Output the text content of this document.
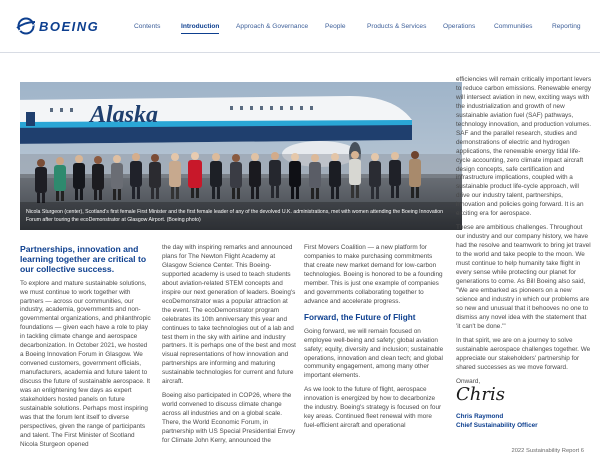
BOEING	Contents	Introduction	Approach & Governance	People	Products & Services	Operations	Communities	Reporting
Alaska
Nicola Sturgeon (center), Scotland's first female First Minister and the first female leader of any of the devolved U.K. administrations, met with women attending the Boeing Innovation Forum after touring the ecoDemonstrator at Glasgow Airport. (Boeing photo)
Partnerships, innovation and learning together are critical to our collective success.

To explore and mature sustainable solutions, we must continue to work together with partners — across our communities, our industry, academia, governments and non-governmental organizations, and philanthropic foundations — given each have a role to play in tackling climate change and aerospace decarbonization. In October 2021, we hosted a Boeing Innovation Forum in Glasgow. We convened customers, government officials, manufacturers, academia and future talent to discuss the future of sustainable aerospace. It was an enlightening few days as expert stakeholders hosted panels on future sustainable solutions. Perhaps most inspiring was that the forum lent itself to diverse perspectives, given the range of participants and talent. The First Minister of Scotland Nicola Sturgeon opened

the day with inspiring remarks and announced plans for The Newton Flight Academy at Glasgow Science Center. This Boeing-supported academy is used to teach students about aviation-related STEM concepts and inspire our next generation of leaders. Boeing's ecoDemonstrator was a popular attraction at the event. The ecoDemonstrator program celebrates its 10th anniversary this year and continues to take technologies out of a lab and test them in the sky with airline and industry partners. It is perhaps one of the best and most visual representations of how innovation and partnerships are informing and maturing sustainable technologies for current and future aircraft.

Boeing also participated in COP26, where the world convened to discuss climate change across all industries and on a global scale. There, the World Economic Forum, in partnership with US Special Presidential Envoy for Climate John Kerry, announced the

First Movers Coalition — a new platform for companies to make purchasing commitments that create new market demand for low-carbon technologies. Boeing is honored to be a founding member. This is just one example of companies and governments collaborating together to advance and accelerate progress.

Forward, the Future of Flight

Going forward, we will remain focused on employee well-being and safety; global aviation safety; equity, diversity and inclusion; sustainable operations, innovation and clean tech; and global community engagement, among many other important elements.

As we look to the future of flight, aerospace innovation is energized by how to decarbonize the industry. Boeing's strategy is focused on four key areas. Continued fleet renewal with more fuel-efficient aircraft and operational

efficiencies will remain critically important levers to reduce carbon emissions. Renewable energy will intersect aviation in new, exciting ways with the industrialization and growth of new sustainable aviation fuel (SAF) pathways, technology innovation, and production volumes. SAF and the parallel research, studies and demonstrations of electric and hydrogen applications, the renewable energy tidal life-cycle accounting, zero climate impact aircraft design concepts, safe certification and infrastructure implications, coupled with a sustainable product life-cycle approach, will drive our industry talent, partnerships, innovation and policies going forward. It is an exciting era for aerospace.

These are ambitious challenges. Throughout our industry and our company history, we have had the resolve and teamwork to bring jet travel to the world and take people to the moon. We must continue to help humanity take flight in every sense while protecting our planet for generations to come. As Bill Boeing also said, "We are embarked as pioneers on a new science and industry in which our problems are so new and unusual that it behooves no one to dismiss any novel idea with the statement that 'it can't be done.'"

In that spirit, we are on a journey to solve sustainable aerospace challenges together. We appreciate our stakeholders' partnership for shared successes as we move forward.

Onward,

Chris
Chris Raymond
Chief Sustainability Officer
2022 Sustainability Report 6
